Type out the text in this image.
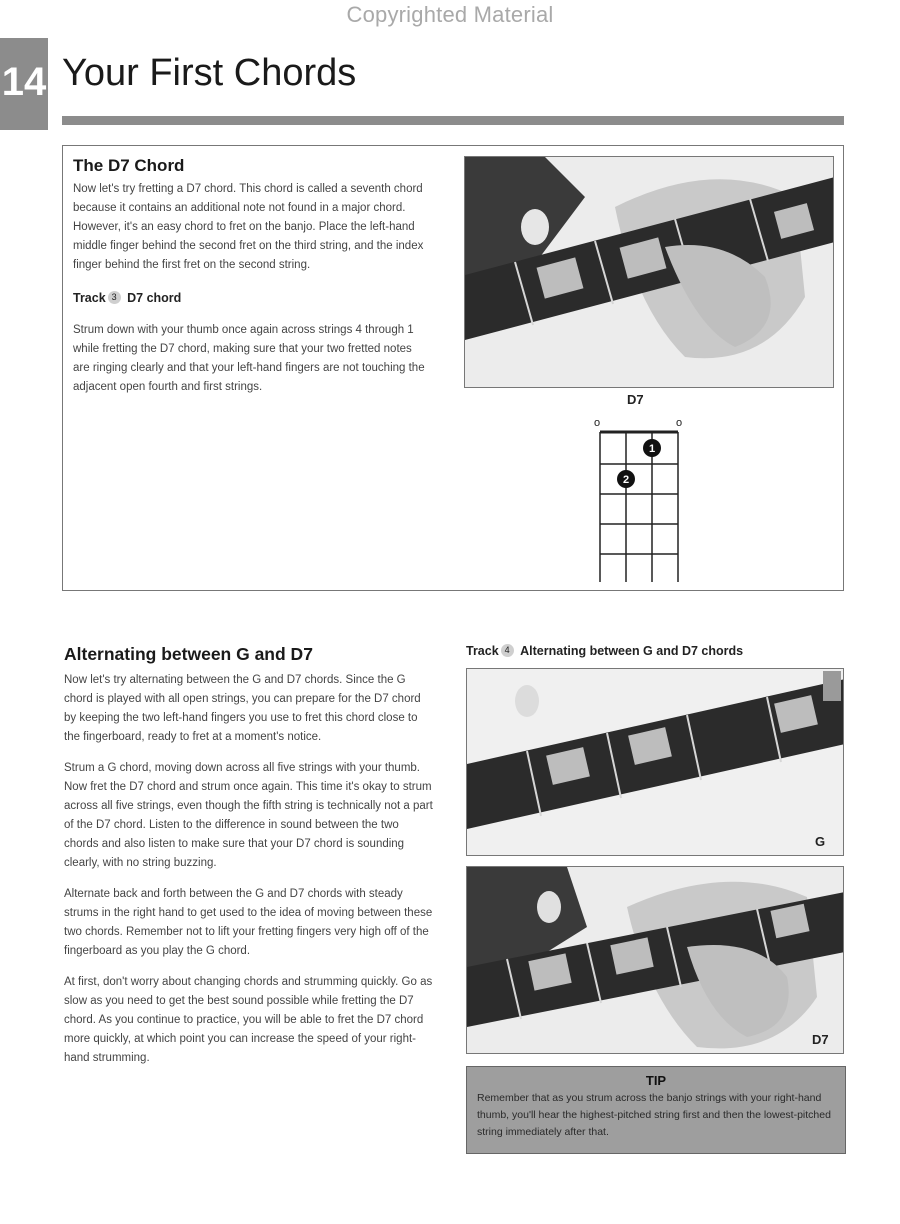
Copyrighted Material
14 Your First Chords
The D7 Chord

Now let's try fretting a D7 chord. This chord is called a seventh chord because it contains an additional note not found in a major chord. However, it's an easy chord to fret on the banjo. Place the left-hand middle finger behind the second fret on the third string, and the index finger behind the first fret on the second string.

Track 3 D7 chord

Strum down with your thumb once again across strings 4 through 1 while fretting the D7 chord, making sure that your two fretted notes are ringing clearly and that your left-hand fingers are not touching the adjacent open fourth and first strings.

D7
o	o
1
2
Alternating between G and D7

Now let's try alternating between the G and D7 chords. Since the G chord is played with all open strings, you can prepare for the D7 chord by keeping the two left-hand fingers you use to fret this chord close to the fingerboard, ready to fret at a moment's notice.

Strum a G chord, moving down across all five strings with your thumb. Now fret the D7 chord and strum once again. This time it's okay to strum across all five strings, even though the fifth string is technically not a part of the D7 chord. Listen to the difference in sound between the two chords and also listen to make sure that your D7 chord is sounding clearly, with no string buzzing.

Alternate back and forth between the G and D7 chords with steady strums in the right hand to get used to the idea of moving between these two chords. Remember not to lift your fretting fingers very high off of the fingerboard as you play the G chord.

At first, don't worry about changing chords and strumming quickly. Go as slow as you need to get the best sound possible while fretting the D7 chord. As you continue to practice, you will be able to fret the D7 chord more quickly, at which point you can increase the speed of your right-hand strumming.

Track 4 Alternating between G and D7 chords
G
D7
TIP
Remember that as you strum across the banjo strings with your right-hand thumb, you'll hear the highest-pitched string first and then the lowest-pitched string immediately after that.
